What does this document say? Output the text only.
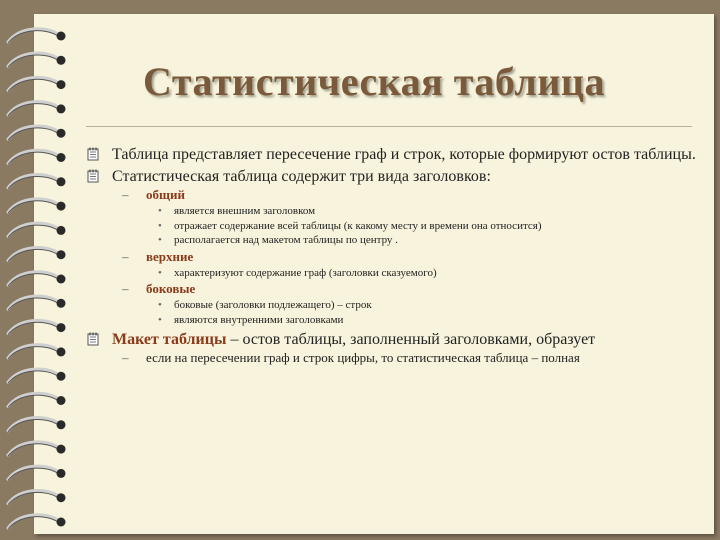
Статистическая таблица
Таблица представляет пересечение граф и строк, которые формируют остов таблицы.
Статистическая таблица содержит три вида заголовков:
– общий
• является внешним заголовком
• отражает содержание всей таблицы (к какому месту и времени она относится)
• располагается над макетом таблицы по центру .
– верхние
• характеризуют содержание граф (заголовки сказуемого)
– боковые
• боковые (заголовки подлежащего) – строк
• являются внутренними заголовками
Макет таблицы – остов таблицы, заполненный заголовками, образует
– если на пересечении граф и строк цифры, то статистическая таблица – полная
